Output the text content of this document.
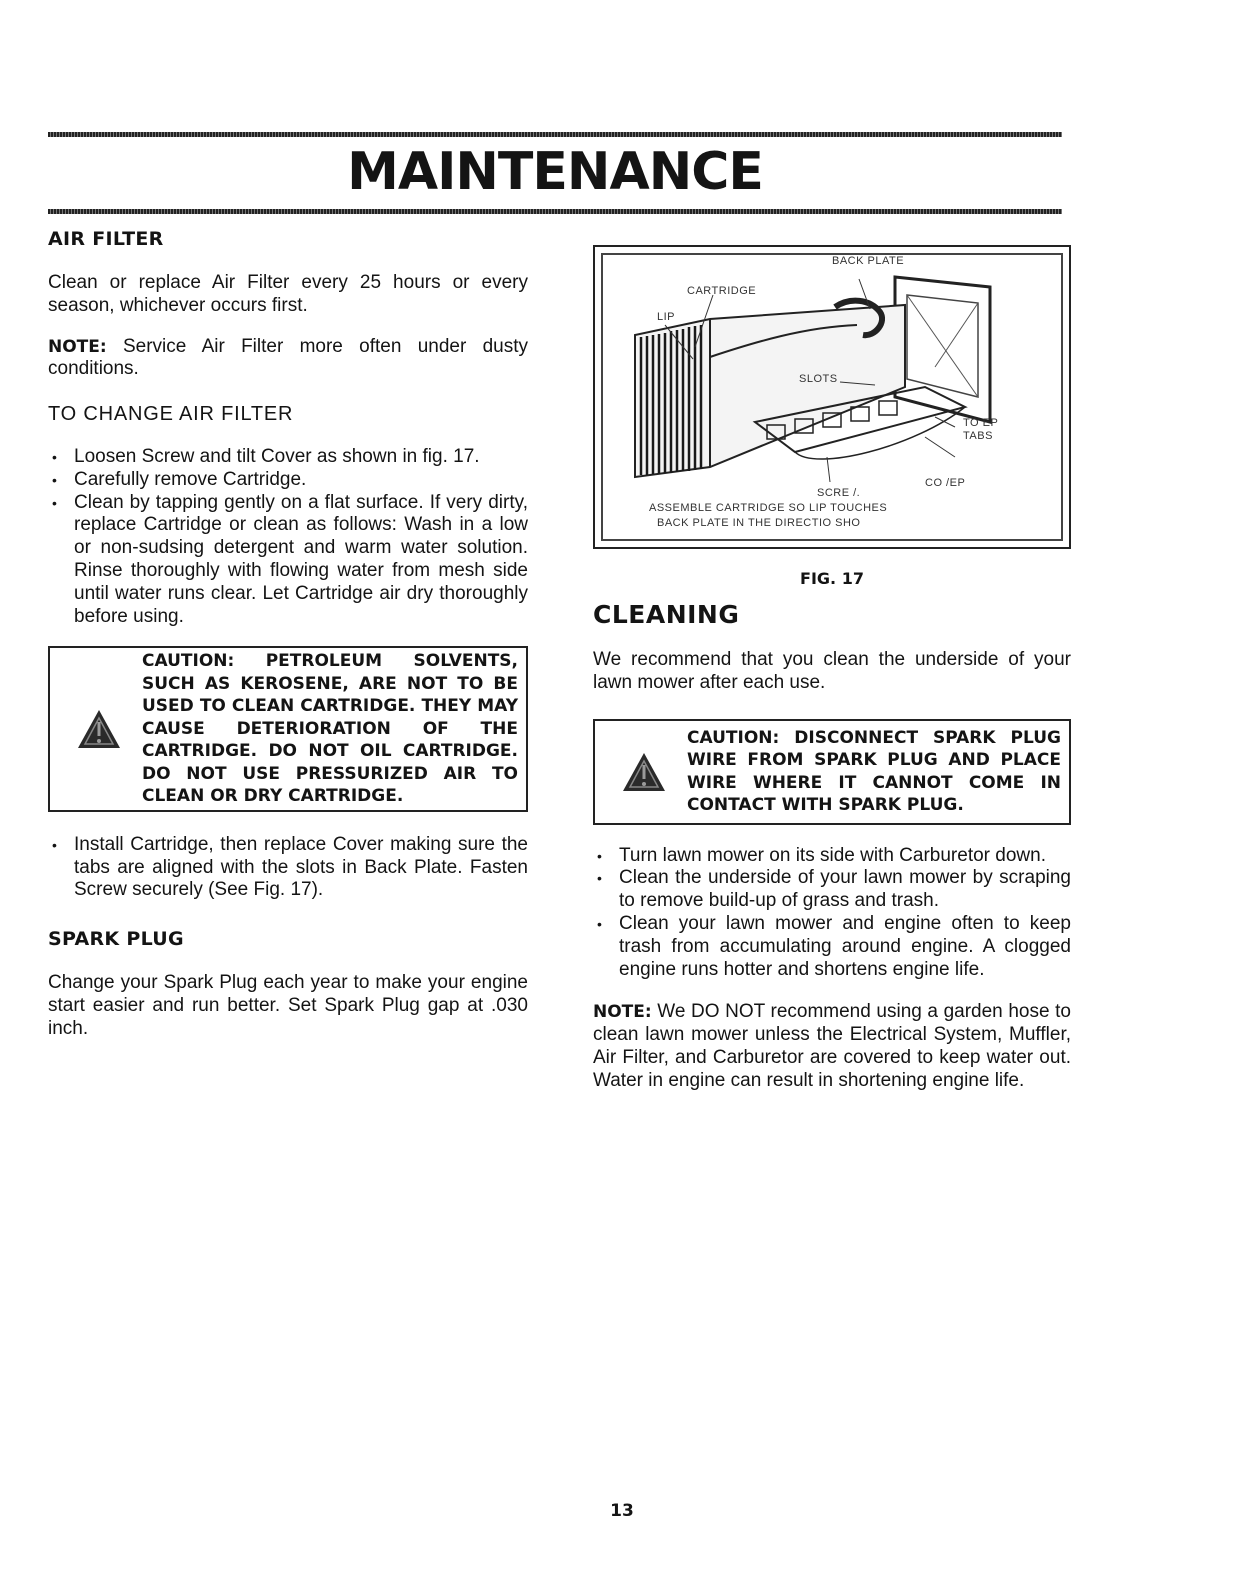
MAINTENANCE
AIR FILTER

Clean or replace Air Filter every 25 hours or every season, whichever occurs first.

NOTE: Service Air Filter more often under dusty conditions.

TO CHANGE AIR FILTER

• Loosen Screw and tilt Cover as shown in fig. 17.
• Carefully remove Cartridge.
• Clean by tapping gently on a flat surface. If very dirty, replace Cartridge or clean as follows: Wash in a low or non-sudsing detergent and warm water solution. Rinse thoroughly with flowing water from mesh side until water runs clear. Let Cartridge air dry thoroughly before using.
CAUTION: PETROLEUM SOLVENTS, SUCH AS KEROSENE, ARE NOT TO BE USED TO CLEAN CARTRIDGE. THEY MAY CAUSE DETERIORATION OF THE CARTRIDGE. DO NOT OIL CARTRIDGE. DO NOT USE PRESSURIZED AIR TO CLEAN OR DRY CARTRIDGE.
• Install Cartridge, then replace Cover making sure the tabs are aligned with the slots in Back Plate. Fasten Screw securely (See Fig. 17).
SPARK PLUG

Change your Spark Plug each year to make your engine start easier and run better. Set Spark Plug gap at .030 inch.

BACK PLATE
CARTRIDGE
LIP
SLOTS
TO EP TABS
SCRE /.
CO /EP
ASSEMBLE CARTRIDGE SO LIP TOUCHES
BACK PLATE IN THE DIRECTIO SHO
FIG. 17
CLEANING

We recommend that you clean the underside of your lawn mower after each use.

CAUTION: DISCONNECT SPARK PLUG WIRE FROM SPARK PLUG AND PLACE WIRE WHERE IT CANNOT COME IN CONTACT WITH SPARK PLUG.
• Turn lawn mower on its side with Carburetor down.
• Clean the underside of your lawn mower by scraping to remove build-up of grass and trash.
• Clean your lawn mower and engine often to keep trash from accumulating around engine. A clogged engine runs hotter and shortens engine life.

NOTE: We DO NOT recommend using a garden hose to clean lawn mower unless the Electrical System, Muffler, Air Filter, and Carburetor are covered to keep water out. Water in engine can result in shortening engine life.

13
